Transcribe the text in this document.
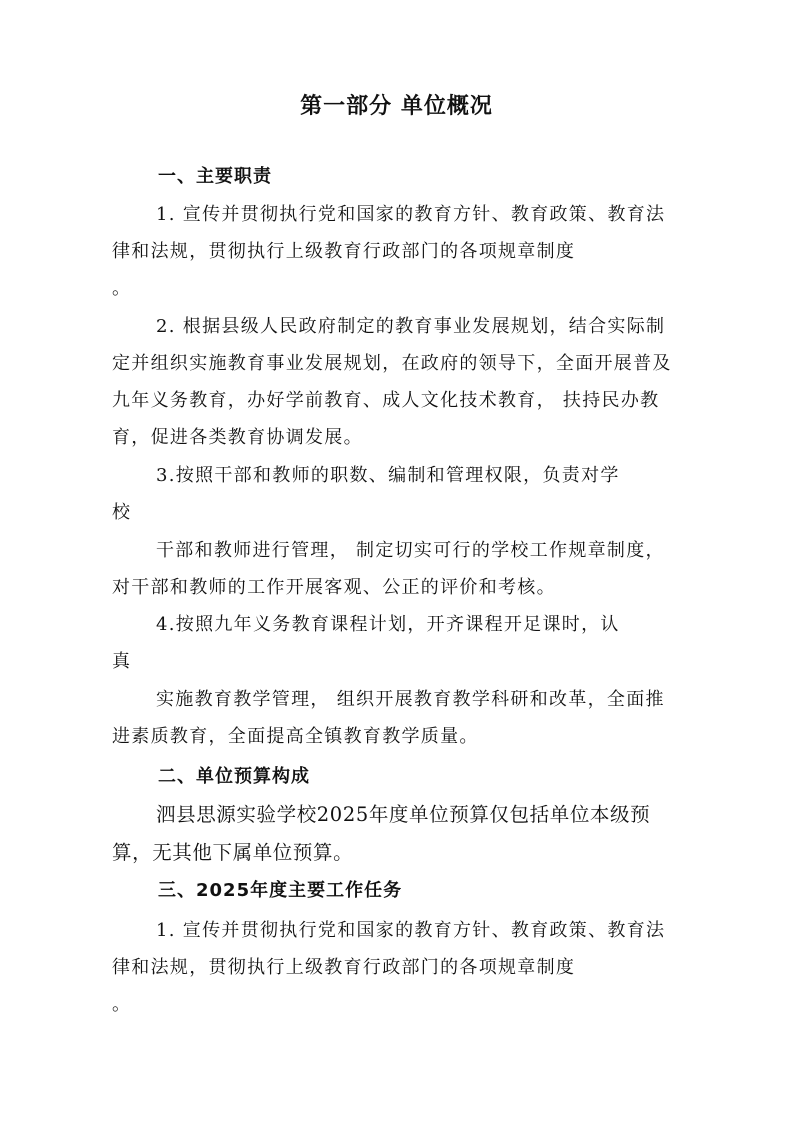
第一部分 单位概况
一、主要职责

1. 宣传并贯彻执行党和国家的教育方针、教育政策、教育法律和法规，贯彻执行上级教育行政部门的各项规章制度

。

2. 根据县级人民政府制定的教育事业发展规划，结合实际制定并组织实施教育事业发展规划，在政府的领导下，全面开展普及九年义务教育，办好学前教育、成人文化技术教育， 扶持民办教育，促进各类教育协调发展。

3.按照干部和教师的职数、编制和管理权限，负责对学

校

干部和教师进行管理， 制定切实可行的学校工作规章制度，对干部和教师的工作开展客观、公正的评价和考核。

4.按照九年义务教育课程计划，开齐课程开足课时，认

真

实施教育教学管理， 组织开展教育教学科研和改革，全面推进素质教育，全面提高全镇教育教学质量。

二、单位预算构成

泗县思源实验学校2025年度单位预算仅包括单位本级预算，无其他下属单位预算。

三、2025年度主要工作任务

1. 宣传并贯彻执行党和国家的教育方针、教育政策、教育法律和法规，贯彻执行上级教育行政部门的各项规章制度

。
